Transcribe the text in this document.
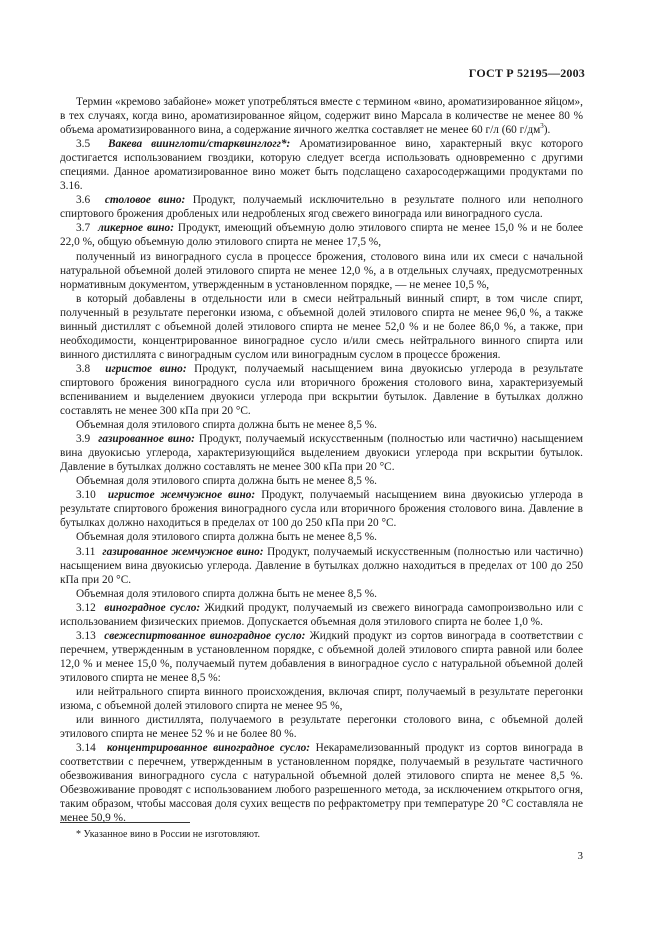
ГОСТ Р 52195—2003

Термин «кремово забайоне» может употребляться вместе с термином «вино, ароматизированное яйцом», в тех случаях, когда вино, ароматизированное яйцом, содержит вино Марсала в количестве не менее 80 % объема ароматизированного вина, а содержание яичного желтка составляет не менее 60 г/л (60 $г/дм^3$).

3.5  Вакева виинглоти/старквинглогг*: Ароматизированное вино, характерный вкус которого достигается использованием гвоздики, которую следует всегда использовать одновременно с другими специями. Данное ароматизированное вино может быть подслащено сахаросодержащими продуктами по 3.16.

3.6  столовое вино: Продукт, получаемый исключительно в результате полного или неполного спиртового брожения дробленых или недробленых ягод свежего винограда или виноградного сусла.

3.7  ликерное вино: Продукт, имеющий объемную долю этилового спирта не менее 15,0 % и не более 22,0 %, общую объемную долю этилового спирта не менее 17,5 %,

полученный из виноградного сусла в процессе брожения, столового вина или их смеси с начальной натуральной объемной долей этилового спирта не менее 12,0 %, а в отдельных случаях, предусмотренных нормативным документом, утвержденным в установленном порядке, — не менее 10,5 %,

в который добавлены в отдельности или в смеси нейтральный винный спирт, в том числе спирт, полученный в результате перегонки изюма, с объемной долей этилового спирта не менее 96,0 %, а также винный дистиллят с объемной долей этилового спирта не менее 52,0 % и не более 86,0 %, а также, при необходимости, концентрированное виноградное сусло и/или смесь нейтрального винного спирта или винного дистиллята с виноградным суслом или виноградным суслом в процессе брожения.

3.8  игристое вино: Продукт, получаемый насыщением вина двуокисью углерода в результате спиртового брожения виноградного сусла или вторичного брожения столового вина, характеризуемый вспениванием и выделением двуокиси углерода при вскрытии бутылок. Давление в бутылках должно составлять не менее 300 кПа при 20 °С.

Объемная доля этилового спирта должна быть не менее 8,5 %.

3.9  газированное вино: Продукт, получаемый искусственным (полностью или частично) насыщением вина двуокисью углерода, характеризующийся выделением двуокиси углерода при вскрытии бутылок. Давление в бутылках должно составлять не менее 300 кПа при 20 °С.

Объемная доля этилового спирта должна быть не менее 8,5 %.

3.10  игристое жемчужное вино: Продукт, получаемый насыщением вина двуокисью углерода в результате спиртового брожения виноградного сусла или вторичного брожения столового вина. Давление в бутылках должно находиться в пределах от 100 до 250 кПа при 20 °С.

Объемная доля этилового спирта должна быть не менее 8,5 %.

3.11  газированное жемчужное вино: Продукт, получаемый искусственным (полностью или частично) насыщением вина двуокисью углерода. Давление в бутылках должно находиться в пределах от 100 до 250 кПа при 20 °С.

Объемная доля этилового спирта должна быть не менее 8,5 %.

3.12  виноградное сусло: Жидкий продукт, получаемый из свежего винограда самопроизвольно или с использованием физических приемов. Допускается объемная доля этилового спирта не более 1,0 %.

3.13  свежеспиртованное виноградное сусло: Жидкий продукт из сортов винограда в соответствии с перечнем, утвержденным в установленном порядке, с объемной долей этилового спирта равной или более 12,0 % и менее 15,0 %, получаемый путем добавления в виноградное сусло с натуральной объемной долей этилового спирта не менее 8,5 %:

или нейтрального спирта винного происхождения, включая спирт, получаемый в результате перегонки изюма, с объемной долей этилового спирта не менее 95 %,

или винного дистиллята, получаемого в результате перегонки столового вина, с объемной долей этилового спирта не менее 52 % и не более 80 %.

3.14  концентрированное виноградное сусло: Некарамелизованный продукт из сортов винограда в соответствии с перечнем, утвержденным в установленном порядке, получаемый в результате частичного обезвоживания виноградного сусла с натуральной объемной долей этилового спирта не менее 8,5 %. Обезвоживание проводят с использованием любого разрешенного метода, за исключением открытого огня, таким образом, чтобы массовая доля сухих веществ по рефрактометру при температуре 20 °С составляла не менее 50,9 %.

* Указанное вино в России не изготовляют.
3
